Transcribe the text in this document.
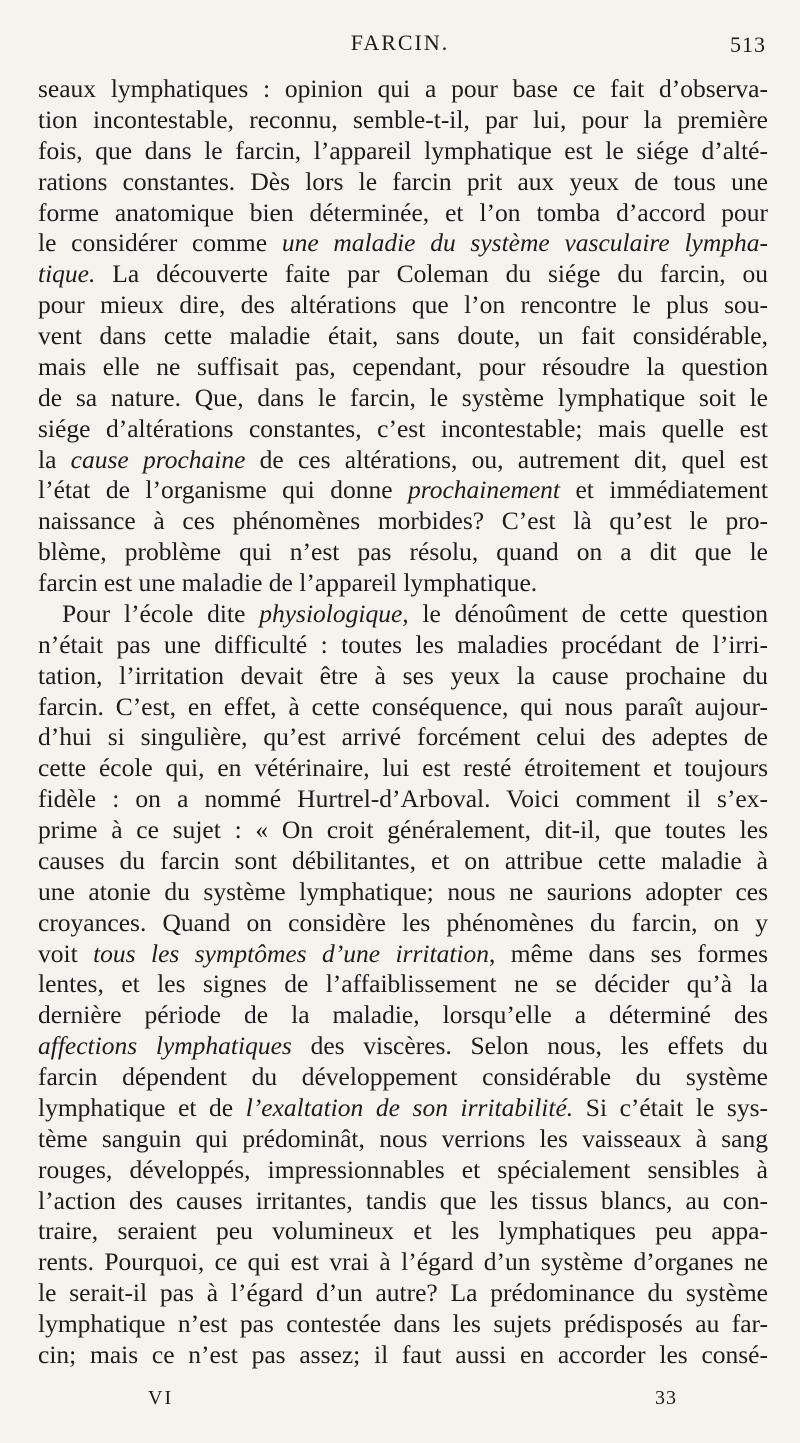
FARCIN.	513
seaux lymphatiques : opinion qui a pour base ce fait d’observa-
tion incontestable, reconnu, semble-t-il, par lui, pour la première
fois, que dans le farcin, l’appareil lymphatique est le siége d’alté-
rations constantes. Dès lors le farcin prit aux yeux de tous une
forme anatomique bien déterminée, et l’on tomba d’accord pour
le considérer comme une maladie du système vasculaire lympha-
tique. La découverte faite par Coleman du siége du farcin, ou
pour mieux dire, des altérations que l’on rencontre le plus sou-
vent dans cette maladie était, sans doute, un fait considérable,
mais elle ne suffisait pas, cependant, pour résoudre la question
de sa nature. Que, dans le farcin, le système lymphatique soit le
siége d’altérations constantes, c’est incontestable; mais quelle est
la cause prochaine de ces altérations, ou, autrement dit, quel est
l’état de l’organisme qui donne prochainement et immédiatement
naissance à ces phénomènes morbides? C’est là qu’est le pro-
blème, problème qui n’est pas résolu, quand on a dit que le
farcin est une maladie de l’appareil lymphatique.
Pour l’école dite physiologique, le dénoûment de cette question
n’était pas une difficulté : toutes les maladies procédant de l’irri-
tation, l’irritation devait être à ses yeux la cause prochaine du
farcin. C’est, en effet, à cette conséquence, qui nous paraît aujour-
d’hui si singulière, qu’est arrivé forcément celui des adeptes de
cette école qui, en vétérinaire, lui est resté étroitement et toujours
fidèle : on a nommé Hurtrel-d’Arboval. Voici comment il s’ex-
prime à ce sujet : « On croit généralement, dit-il, que toutes les
causes du farcin sont débilitantes, et on attribue cette maladie à
une atonie du système lymphatique; nous ne saurions adopter ces
croyances. Quand on considère les phénomènes du farcin, on y
voit tous les symptômes d’une irritation, même dans ses formes
lentes, et les signes de l’affaiblissement ne se décider qu’à la
dernière période de la maladie, lorsqu’elle a déterminé des
affections lymphatiques des viscères. Selon nous, les effets du
farcin dépendent du développement considérable du système
lymphatique et de l’exaltation de son irritabilité. Si c’était le sys-
tème sanguin qui prédominât, nous verrions les vaisseaux à sang
rouges, développés, impressionnables et spécialement sensibles à
l’action des causes irritantes, tandis que les tissus blancs, au con-
traire, seraient peu volumineux et les lymphatiques peu appa-
rents. Pourquoi, ce qui est vrai à l’égard d’un système d’organes ne
le serait-il pas à l’égard d’un autre? La prédominance du système
lymphatique n’est pas contestée dans les sujets prédisposés au far-
cin; mais ce n’est pas assez; il faut aussi en accorder les consé-
VI	33
